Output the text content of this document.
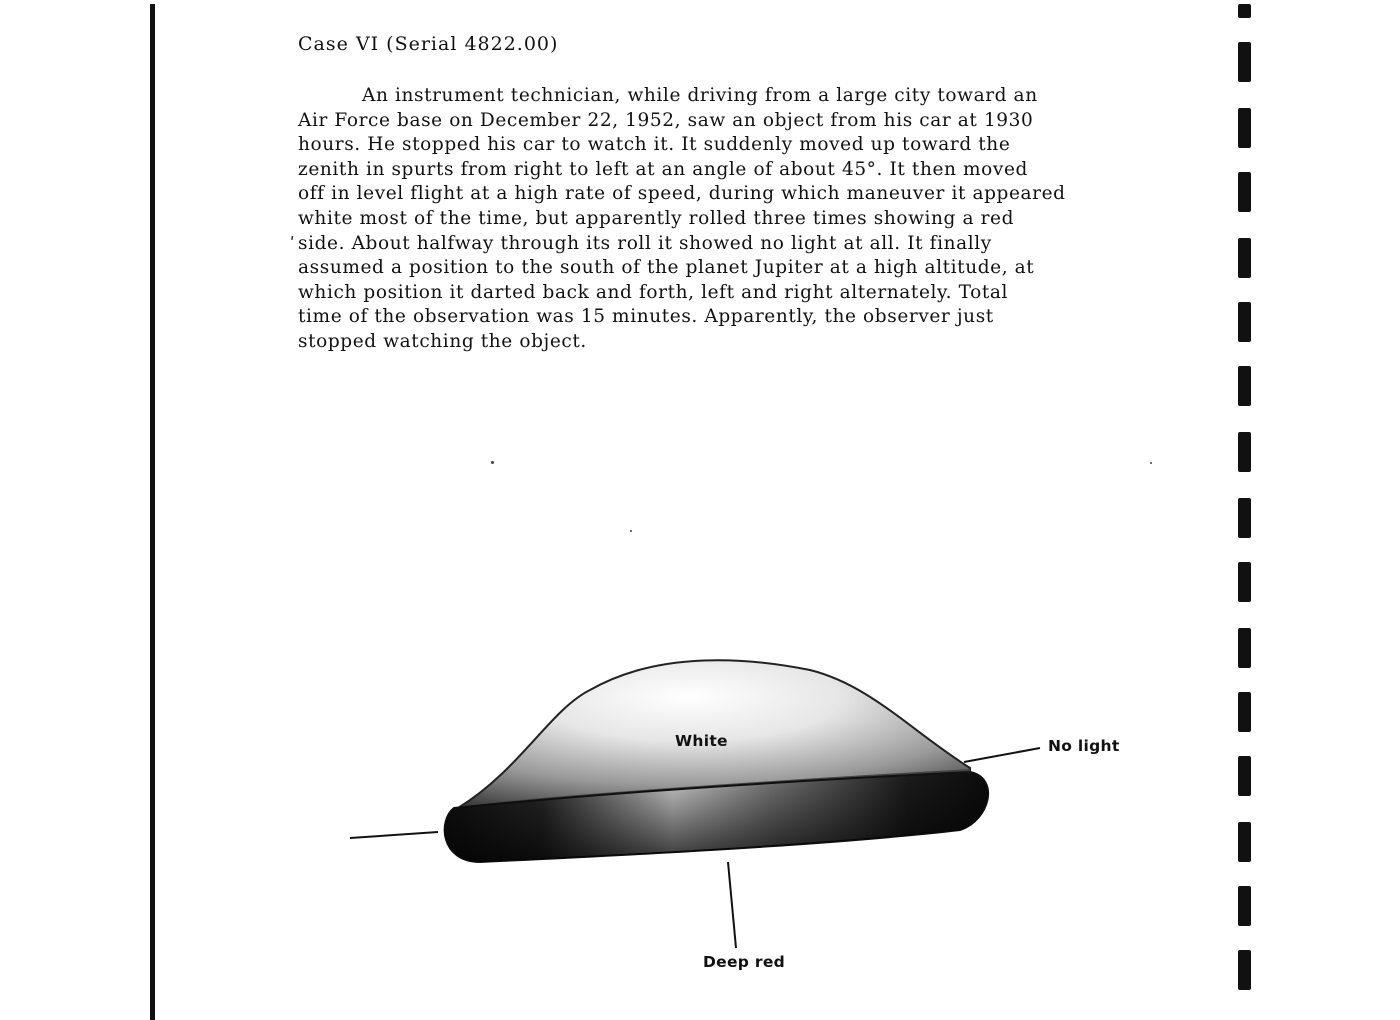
Case VI (Serial 4822.00)

An instrument technician, while driving from a large city toward an
Air Force base on December 22, 1952, saw an object from his car at 1930
hours. He stopped his car to watch it. It suddenly moved up toward the
zenith in spurts from right to left at an angle of about 45°. It then moved
off in level flight at a high rate of speed, during which maneuver it appeared
white most of the time, but apparently rolled three times showing a red
side. About halfway through its roll it showed no light at all. It finally
assumed a position to the south of the planet Jupiter at a high altitude, at
which position it darted back and forth, left and right alternately. Total
time of the observation was 15 minutes. Apparently, the observer just
stopped watching the object.

ʹ
White	No light
Deep red
